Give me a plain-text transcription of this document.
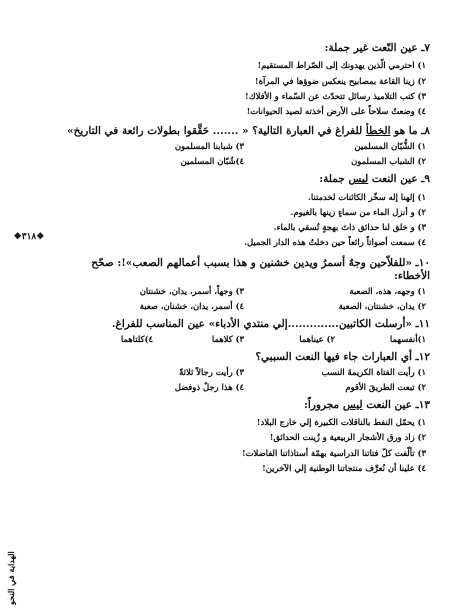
❖٣١٨❖
الهداية في النحو
٧ـ عين النّعت غير جملة:
١) احترمي الّذين يهدونك إلى الصّراط المستقيم!
٢) زينا القاعة بمصابيح ينعكس ضوؤها في المرآة!
٣) كتب التلاميذ رسائل تتحدّث عن السّماء و الأفلاك!
٤) وضعتُ سلاحاً على الأرض أخذته لصيد الحيوانات!
٨ـ ما هو الخطأ للفراغ في العبارة التالية؟ « ....... حَقَّقوا بطولات رائعة في التاريخ»
١) الشُّبّان المسلمين
٣) شبابنا المسلمون
٢) الشباب المسلمون
٤)شُبّان المسلمين
٩ـ عين النعت ليس جملة:
١) إلهنا إله سخّر الكائنات لخدمتنا.
٢) و أنزل الماء من سماءٍ زينها بالغيوم.
٣) و خلق لنا حدائق ذاتَ بهجةٍ تُسقي بالماء.
٤) سمعت أصواتاً رائعاً حين دخلتُ هذه الدار الجميل.
١٠ـ «للفلاّحين وجهٌ أسمرُ ويدين خشنين و هذا بسبب أعمالهم الصعب»!: صحّح الأخطاء:
١) وجهه، هذه، الصعبة
٣) وجهاً، أسمر، يدان، خشنتان
٢) يدان، خشنتان، الصعبة
٤) أسمر، يدان، خشنان، صعبة
١١ـ «أرسلت الكاتبين..............إلي منتدي الأدباء» عين المناسب للفراغ.
١)أنفسهما
٢) عيناهما
٣) كلاهما
٤)كلتاهما
١٢ـ أي العبارات جاء فيها النعت السببي؟
١) رأيت الفتاة الكريمةَ النسب
٣) رأيت رجالاً ثلاثةً
٢) تبعت الطريقَ الأقوم
٤) هذا رجلٌ ذوفضل
١٣ـ عين النعت ليس مجروراً:
١) يحمّل النفط بالناقلات الكبيرة إلي خارج البلاد!
٢) زاد ورق الأشجار الربيعية و زُينت الحدائق!
٣) تألّفت كلّ فتاتنا الدراسية بهمّة أستاذاتنا الفاضلات!
٤) علينا أن نُعرِّف منتجاتنا الوطنية إلي الآخرين!
